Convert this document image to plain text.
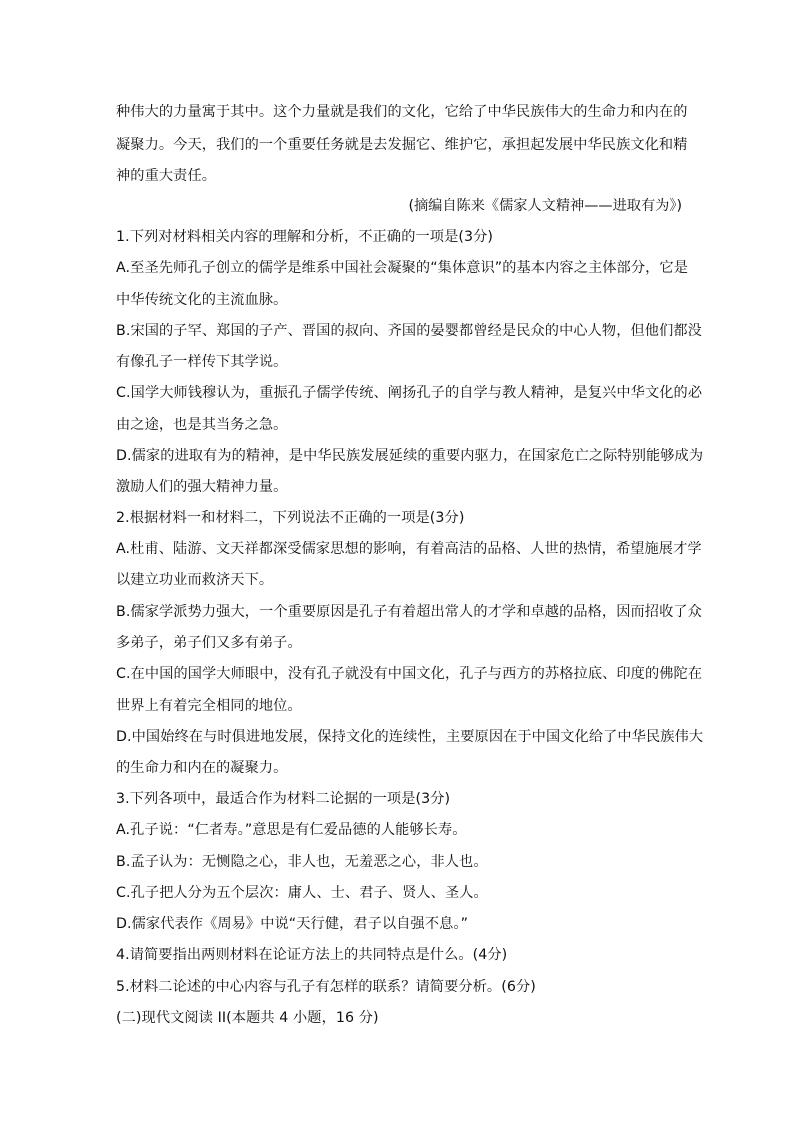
种伟大的力量寓于其中。这个力量就是我们的文化，它给了中华民族伟大的生命力和内在的
凝聚力。今天，我们的一个重要任务就是去发掘它、维护它，承担起发展中华民族文化和精
神的重大责任。
(摘编自陈来《儒家人文精神——进取有为》)
1.下列对材料相关内容的理解和分析，不正确的一项是(3分)
A.至圣先师孔子创立的儒学是维系中国社会凝聚的“集体意识”的基本内容之主体部分，它是
中华传统文化的主流血脉。
B.宋国的子罕、郑国的子产、晋国的叔向、齐国的晏婴都曾经是民众的中心人物，但他们都没
有像孔子一样传下其学说。
C.国学大师钱穆认为，重振孔子儒学传统、阐扬孔子的自学与教人精神，是复兴中华文化的必
由之途，也是其当务之急。
D.儒家的进取有为的精神，是中华民族发展延续的重要内驱力，在国家危亡之际特别能够成为
激励人们的强大精神力量。
2.根据材料一和材料二，下列说法不正确的一项是(3分)
A.杜甫、陆游、文天祥都深受儒家思想的影响，有着高洁的品格、人世的热情，希望施展才学
以建立功业而救济天下。
B.儒家学派势力强大，一个重要原因是孔子有着超出常人的才学和卓越的品格，因而招收了众
多弟子，弟子们又多有弟子。
C.在中国的国学大师眼中，没有孔子就没有中国文化，孔子与西方的苏格拉底、印度的佛陀在
世界上有着完全相同的地位。
D.中国始终在与时俱进地发展，保持文化的连续性，主要原因在于中国文化给了中华民族伟大
的生命力和内在的凝聚力。
3.下列各项中，最适合作为材料二论据的一项是(3分)
A.孔子说：“仁者寿。”意思是有仁爱品德的人能够长寿。
B.孟子认为：无恻隐之心，非人也，无羞恶之心，非人也。
C.孔子把人分为五个层次：庸人、士、君子、贤人、圣人。
D.儒家代表作《周易》中说“天行健，君子以自强不息。”
4.请简要指出两则材料在论证方法上的共同特点是什么。(4分)
5.材料二论述的中心内容与孔子有怎样的联系？请简要分析。(6分)
(二)现代文阅读 II(本题共 4 小题，16 分)
